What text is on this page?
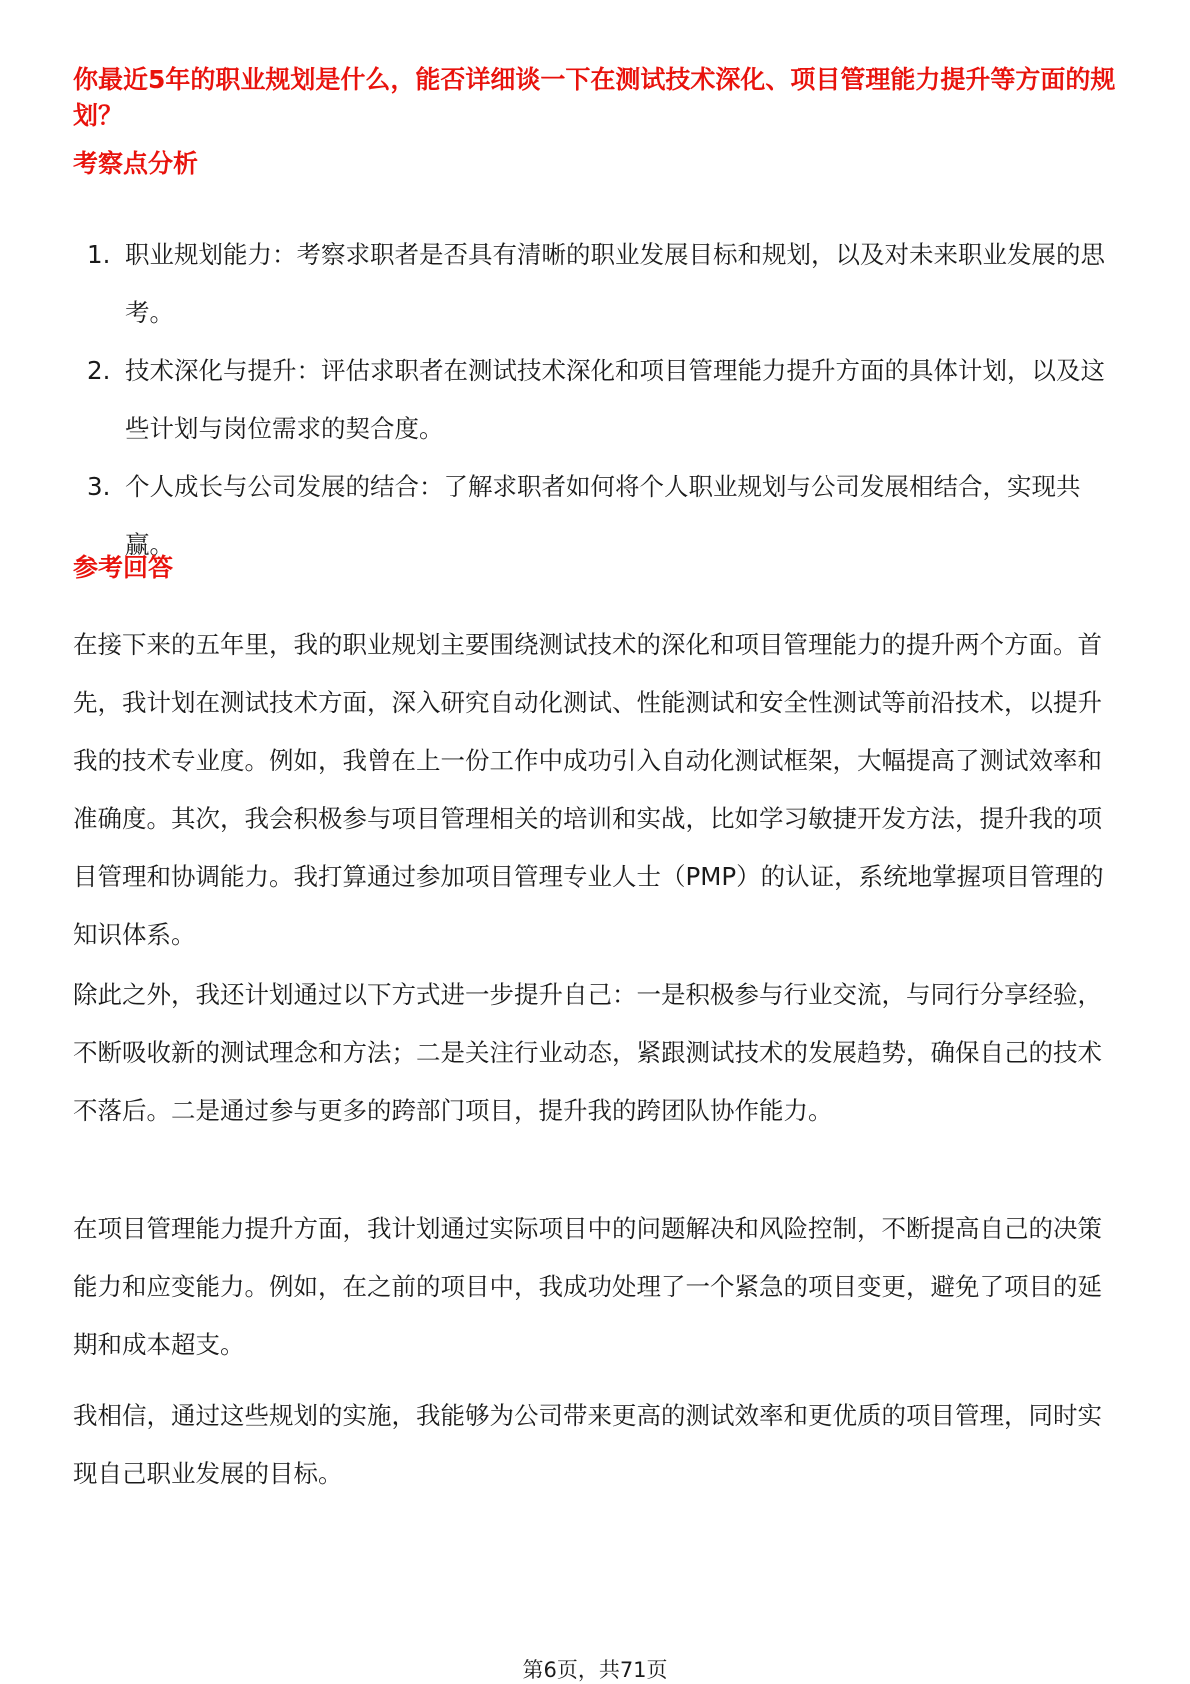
你最近5年的职业规划是什么，能否详细谈一下在测试技术深化、项目管理能力提升等方面的规划？
考察点分析
1. 职业规划能力：考察求职者是否具有清晰的职业发展目标和规划，以及对未来职业发展的思考。
2. 技术深化与提升：评估求职者在测试技术深化和项目管理能力提升方面的具体计划，以及这些计划与岗位需求的契合度。
3. 个人成长与公司发展的结合：了解求职者如何将个人职业规划与公司发展相结合，实现共赢。
参考回答
在接下来的五年里，我的职业规划主要围绕测试技术的深化和项目管理能力的提升两个方面。首先，我计划在测试技术方面，深入研究自动化测试、性能测试和安全性测试等前沿技术，以提升我的技术专业度。例如，我曾在上一份工作中成功引入自动化测试框架，大幅提高了测试效率和准确度。其次，我会积极参与项目管理相关的培训和实战，比如学习敏捷开发方法，提升我的项目管理和协调能力。我打算通过参加项目管理专业人士（PMP）的认证，系统地掌握项目管理的知识体系。
除此之外，我还计划通过以下方式进一步提升自己：一是积极参与行业交流，与同行分享经验，不断吸收新的测试理念和方法；二是关注行业动态，紧跟测试技术的发展趋势，确保自己的技术不落后。二是通过参与更多的跨部门项目，提升我的跨团队协作能力。
在项目管理能力提升方面，我计划通过实际项目中的问题解决和风险控制，不断提高自己的决策能力和应变能力。例如，在之前的项目中，我成功处理了一个紧急的项目变更，避免了项目的延期和成本超支。
我相信，通过这些规划的实施，我能够为公司带来更高的测试效率和更优质的项目管理，同时实现自己职业发展的目标。
第6页，共71页
